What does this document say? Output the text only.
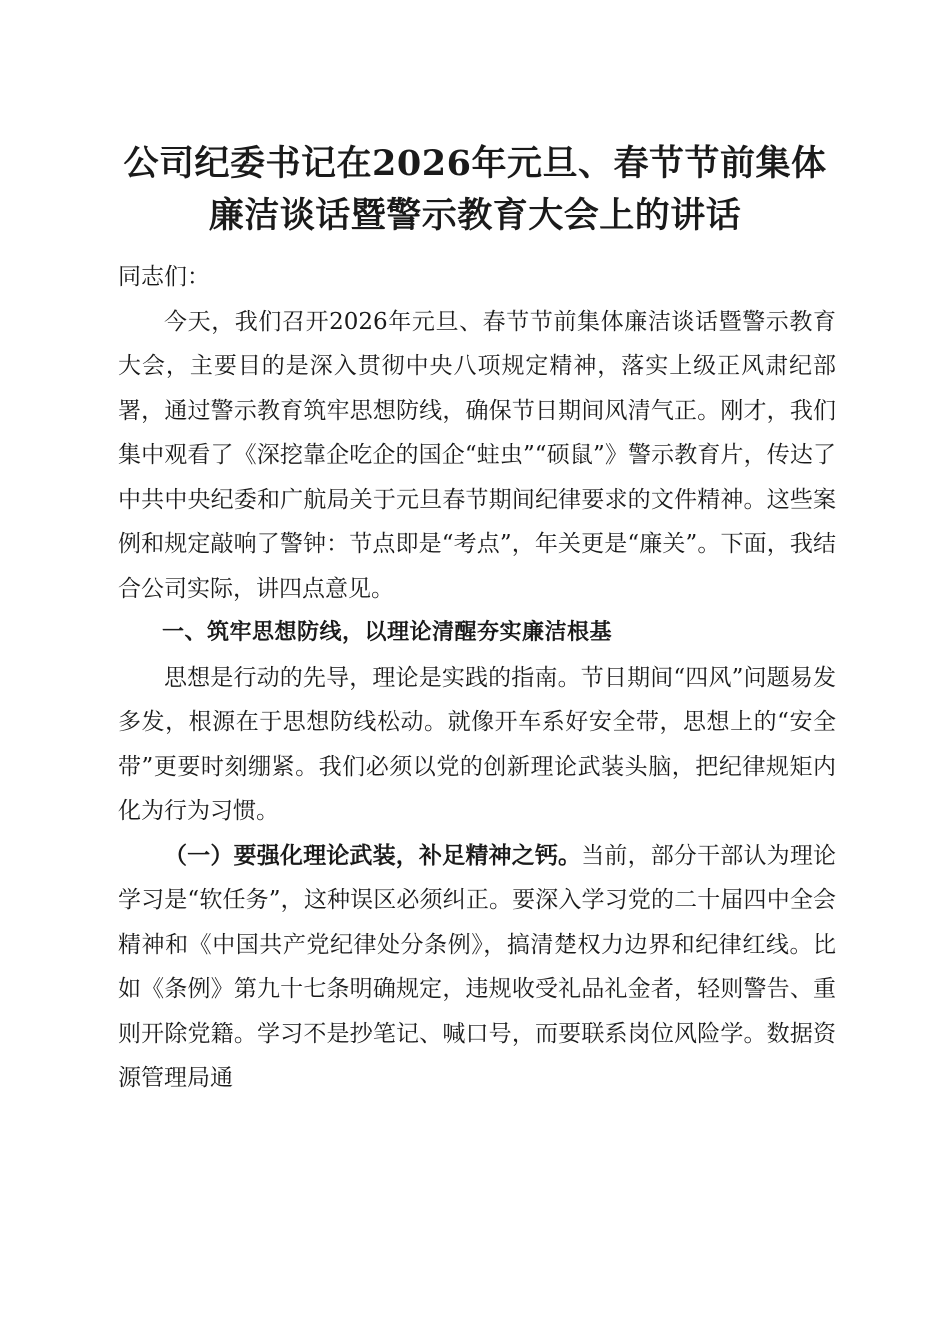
公司纪委书记在2026年元旦、春节节前集体
廉洁谈话暨警示教育大会上的讲话

同志们：

今天，我们召开2026年元旦、春节节前集体廉洁谈话暨警示教育大会，主要目的是深入贯彻中央八项规定精神，落实上级正风肃纪部署，通过警示教育筑牢思想防线，确保节日期间风清气正。刚才，我们集中观看了《深挖靠企吃企的国企“蛀虫”“硕鼠”》警示教育片，传达了中共中央纪委和广航局关于元旦春节期间纪律要求的文件精神。这些案例和规定敲响了警钟：节点即是“考点”，年关更是“廉关”。下面，我结合公司实际，讲四点意见。

一、筑牢思想防线，以理论清醒夯实廉洁根基

思想是行动的先导，理论是实践的指南。节日期间“四风”问题易发多发，根源在于思想防线松动。就像开车系好安全带，思想上的“安全带”更要时刻绷紧。我们必须以党的创新理论武装头脑，把纪律规矩内化为行为习惯。

（一）要强化理论武装，补足精神之钙。当前，部分干部认为理论学习是“软任务”，这种误区必须纠正。要深入学习党的二十届四中全会精神和《中国共产党纪律处分条例》，搞清楚权力边界和纪律红线。比如《条例》第九十七条明确规定，违规收受礼品礼金者，轻则警告、重则开除党籍。学习不是抄笔记、喊口号，而要联系岗位风险学。数据资源管理局通
